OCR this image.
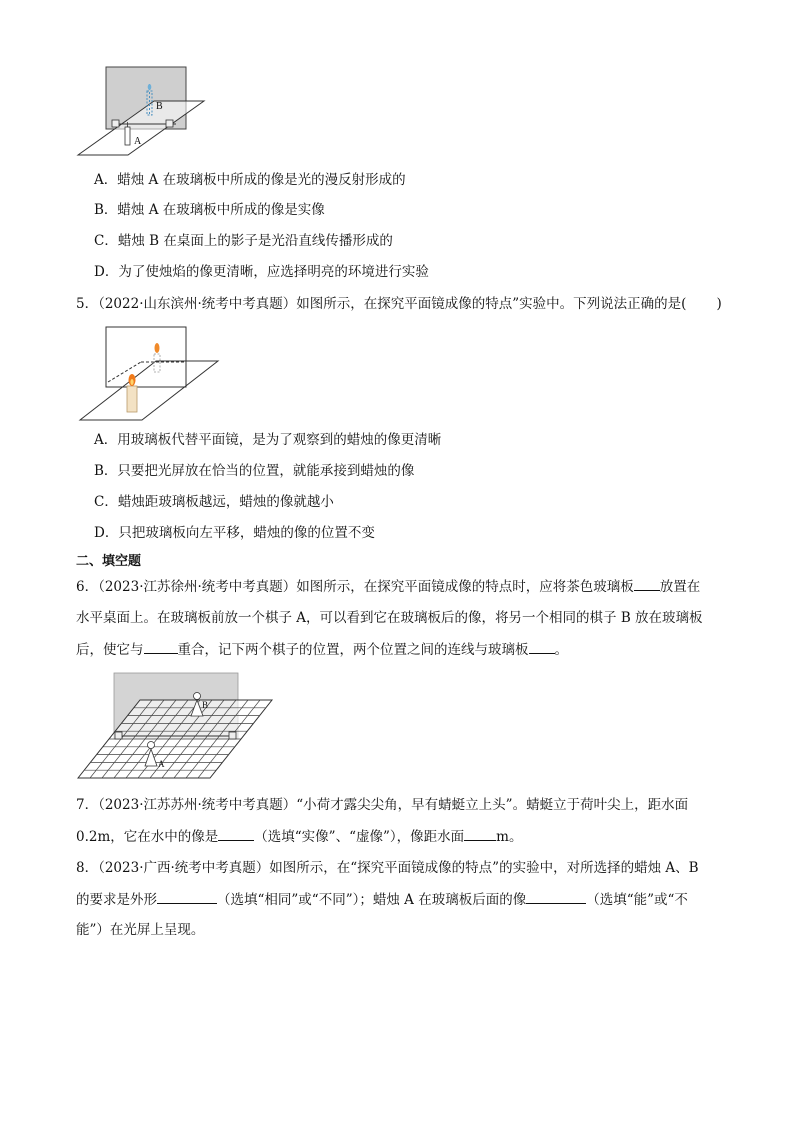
B
A
A．蜡烛 A 在玻璃板中所成的像是光的漫反射形成的
B．蜡烛 A 在玻璃板中所成的像是实像
C．蜡烛 B 在桌面上的影子是光沿直线传播形成的
D．为了使烛焰的像更清晰，应选择明亮的环境进行实验
5．（2022·山东滨州·统考中考真题）如图所示，在探究平面镜成像的特点”实验中。下列说法正确的是( )
A．用玻璃板代替平面镜，是为了观察到的蜡烛的像更清晰
B．只要把光屏放在恰当的位置，就能承接到蜡烛的像
C．蜡烛距玻璃板越远，蜡烛的像就越小
D．只把玻璃板向左平移，蜡烛的像的位置不变
二、填空题
6．（2023·江苏徐州·统考中考真题）如图所示，在探究平面镜成像的特点时，应将茶色玻璃板 放置在
水平桌面上。在玻璃板前放一个棋子 A，可以看到它在玻璃板后的像，将另一个相同的棋子 B 放在玻璃板
后，使它与	重合，记下两个棋子的位置，两个位置之间的连线与玻璃板 。
B
A
7．（2023·江苏苏州·统考中考真题）“小荷才露尖尖角，早有蜻蜓立上头”。蜻蜓立于荷叶尖上，距水面
0.2m，它在水中的像是	（选填“实像”、“虚像”），像距水面 m。
8．（2023·广西·统考中考真题）如图所示，在“探究平面镜成像的特点”的实验中，对所选择的蜡烛 A、B
的要求是外形	（选填“相同”或“不同”）；蜡烛 A 在玻璃板后面的像	（选填“能”或“不
能”）在光屏上呈现。
